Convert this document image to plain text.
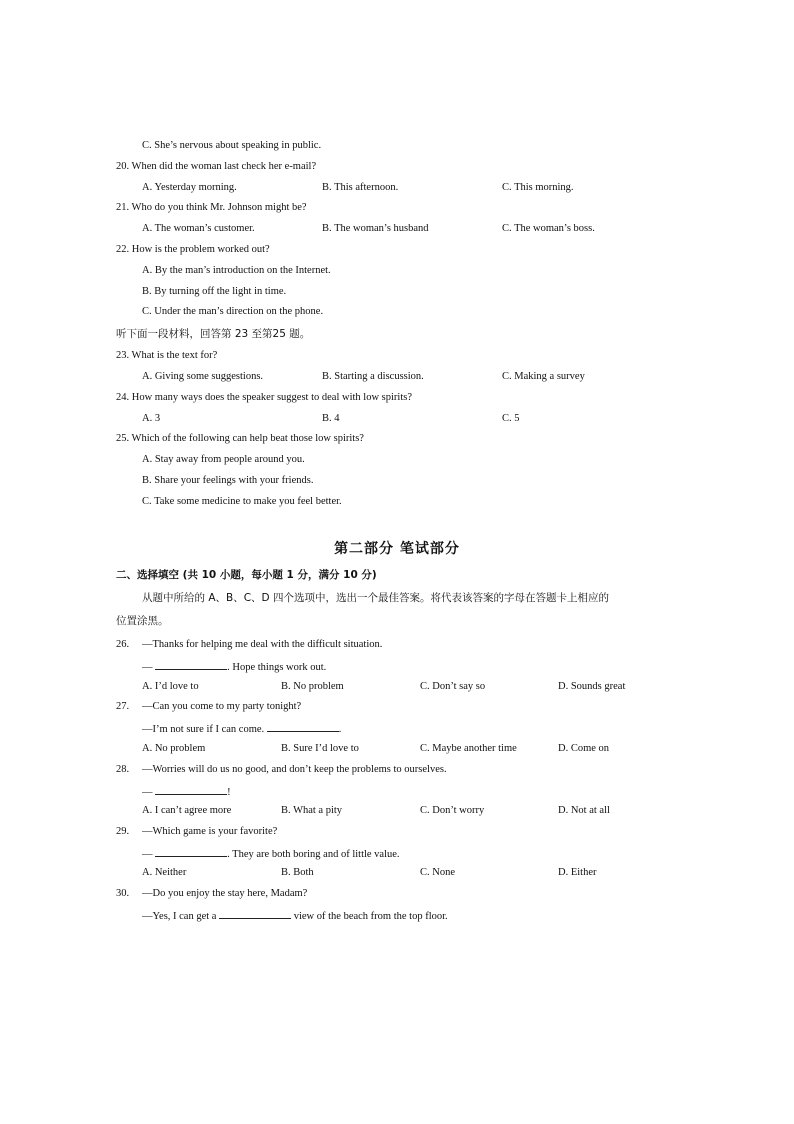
C. She’s nervous about speaking in public.
20. When did the woman last check her e-mail?
A. Yesterday morning.	B. This afternoon.	C. This morning.
21. Who do you think Mr. Johnson might be?
A. The woman’s customer.	B. The woman’s husband	C. The woman’s boss.
22. How is the problem worked out?
A. By the man’s introduction on the Internet.
B. By turning off the light in time.
C. Under the man’s direction on the phone.
听下面一段材料，回答第 23 至第25 题。
23. What is the text for?
A. Giving some suggestions.	B. Starting a discussion.	C. Making a survey
24. How many ways does the speaker suggest to deal with low spirits?
A. 3	B. 4	C. 5
25. Which of the following can help beat those low spirits?
A. Stay away from people around you.
B. Share your feelings with your friends.
C. Take some medicine to make you feel better.
第二部分 笔试部分
二、选择填空 (共 10 小题，每小题 1 分，满分 10 分)
从题中所给的 A、B、C、D 四个选项中，选出一个最佳答案。将代表该答案的字母在答题卡上相应的
位置涂黑。
26. —Thanks for helping me deal with the difficult situation.
—	. Hope things work out.
A. I’d love to	B. No problem	C. Don’t say so	D. Sounds great
27. —Can you come to my party tonight?
—I’m not sure if I can come.	.
A. No problem	B. Sure I’d love to	C. Maybe another time	D. Come on
28. —Worries will do us no good, and don’t keep the problems to ourselves.
—	!
A. I can’t agree more	B. What a pity	C. Don’t worry	D. Not at all
29. —Which game is your favorite?
—	. They are both boring and of little value.
A. Neither	B. Both	C. None	D. Either
30. —Do you enjoy the stay here, Madam?
—Yes, I can get a	view of the beach from the top floor.
